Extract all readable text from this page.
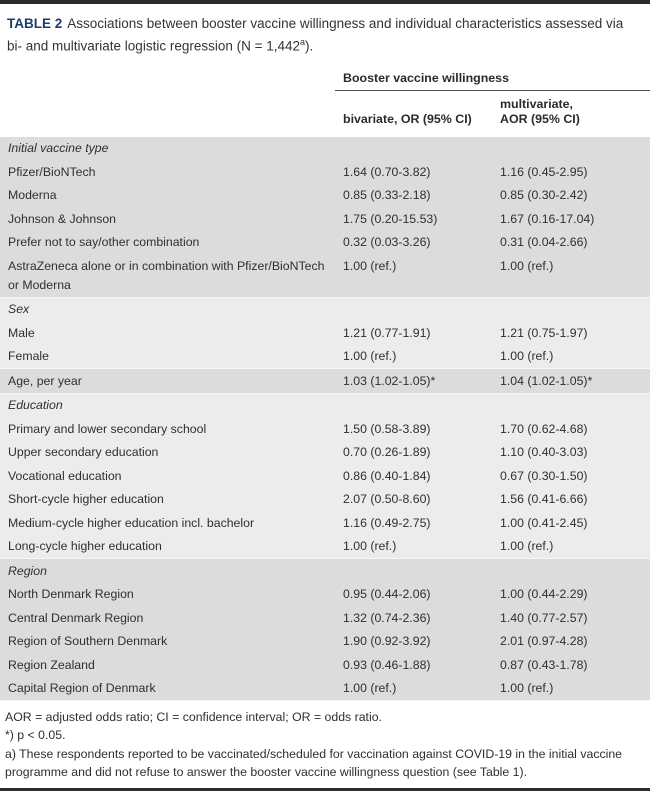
TABLE 2 Associations between booster vaccine willingness and individual characteristics assessed via bi- and multivariate logistic regression (N = 1,442$^a$).

Booster vaccine willingness
bivariate, OR (95% CI)
multivariate,
AOR (95% CI)
Initial vaccine type
Pfizer/BioNTech	1.64 (0.70-3.82)	1.16 (0.45-2.95)
Moderna	0.85 (0.33-2.18)	0.85 (0.30-2.42)
Johnson & Johnson	1.75 (0.20-15.53)	1.67 (0.16-17.04)
Prefer not to say/other combination	0.32 (0.03-3.26)	0.31 (0.04-2.66)
AstraZeneca alone or in combination with Pfizer/BioNTech or Moderna
1.00 (ref.)	1.00 (ref.)
Sex
Male	1.21 (0.77-1.91)	1.21 (0.75-1.97)
Female	1.00 (ref.)	1.00 (ref.)
Age, per year	1.03 (1.02-1.05)*	1.04 (1.02-1.05)*
Education
Primary and lower secondary school	1.50 (0.58-3.89)	1.70 (0.62-4.68)
Upper secondary education	0.70 (0.26-1.89)	1.10 (0.40-3.03)
Vocational education	0.86 (0.40-1.84)	0.67 (0.30-1.50)
Short-cycle higher education	2.07 (0.50-8.60)	1.56 (0.41-6.66)
Medium-cycle higher education incl. bachelor	1.16 (0.49-2.75)	1.00 (0.41-2.45)
Long-cycle higher education	1.00 (ref.)	1.00 (ref.)
Region
North Denmark Region	0.95 (0.44-2.06)	1.00 (0.44-2.29)
Central Denmark Region	1.32 (0.74-2.36)	1.40 (0.77-2.57)
Region of Southern Denmark	1.90 (0.92-3.92)	2.01 (0.97-4.28)
Region Zealand	0.93 (0.46-1.88)	0.87 (0.43-1.78)
Capital Region of Denmark	1.00 (ref.)	1.00 (ref.)

AOR = adjusted odds ratio; CI = confidence interval; OR = odds ratio.

*) p < 0.05.

a) These respondents reported to be vaccinated/scheduled for vaccination against COVID-19 in the initial vaccine programme and did not refuse to answer the booster vaccine willingness question (see Table 1).
